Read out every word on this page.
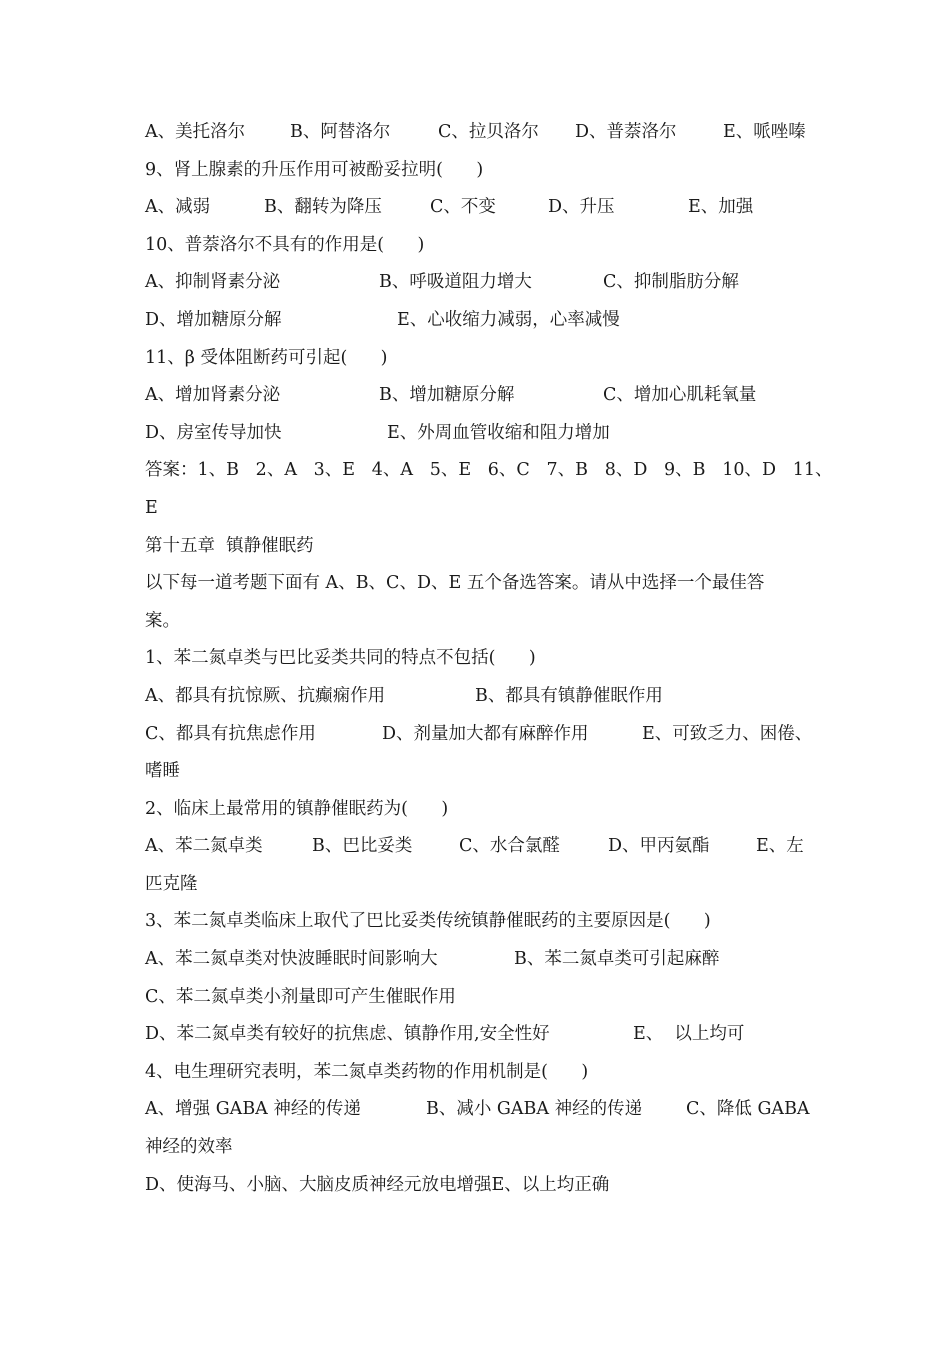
A、美托洛尔	B、阿替洛尔	C、拉贝洛尔 D、普萘洛尔	E、哌唑嗪
9、肾上腺素的升压作用可被酚妥拉明(      )
A、减弱	B、翻转为降压	C、不变	D、升压	E、加强
10、普萘洛尔不具有的作用是(      )
A、抑制肾素分泌	B、呼吸道阻力增大	C、抑制脂肪分解
D、增加糖原分解	E、心收缩力减弱，心率减慢
11、β 受体阻断药可引起(      )
A、增加肾素分泌	B、增加糖原分解	C、增加心肌耗氧量
D、房室传导加快	E、外周血管收缩和阻力增加
答案：1、B   2、A   3、E   4、A   5、E   6、C   7、B   8、D   9、B   10、D   11、
E
第十五章  镇静催眠药
以下每一道考题下面有 A、B、C、D、E 五个备选答案。请从中选择一个最佳答
案。
1、苯二氮卓类与巴比妥类共同的特点不包括(      )
A、都具有抗惊厥、抗癫痫作用	B、都具有镇静催眠作用
C、都具有抗焦虑作用	D、剂量加大都有麻醉作用	E、可致乏力、困倦、
嗜睡
2、临床上最常用的镇静催眠药为(      )
A、苯二氮卓类	B、巴比妥类	C、水合氯醛	D、甲丙氨酯	E、左
匹克隆
3、苯二氮卓类临床上取代了巴比妥类传统镇静催眠药的主要原因是(      )
A、苯二氮卓类对快波睡眠时间影响大	B、苯二氮卓类可引起麻醉
C、苯二氮卓类小剂量即可产生催眠作用
D、苯二氮卓类有较好的抗焦虑、镇静作用,安全性好	E、  以上均可
4、电生理研究表明，苯二氮卓类药物的作用机制是(      )
A、增强 GABA 神经的传递	B、减小 GABA 神经的传递	C、降低 GABA
神经的效率
D、使海马、小脑、大脑皮质神经元放电增强 E、以上均正确
